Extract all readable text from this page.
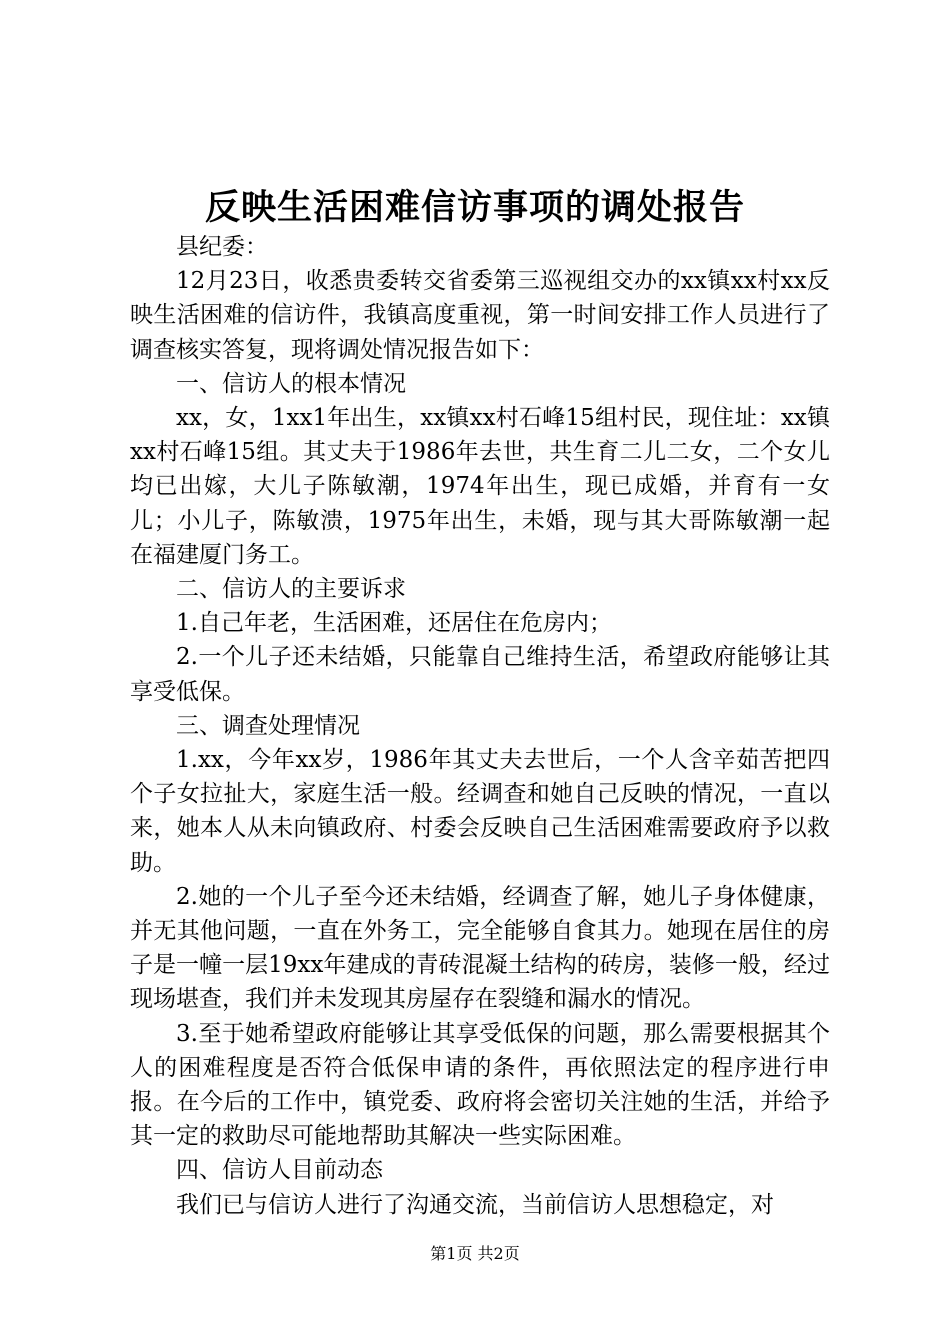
反映生活困难信访事项的调处报告

县纪委：

12月23日，收悉贵委转交省委第三巡视组交办的xx镇xx村xx反映生活困难的信访件，我镇高度重视，第一时间安排工作人员进行了调查核实答复，现将调处情况报告如下：

一、信访人的根本情况

xx，女，1xx1年出生，xx镇xx村石峰15组村民，现住址：xx镇xx村石峰15组。其丈夫于1986年去世，共生育二儿二女，二个女儿均已出嫁，大儿子陈敏潮，1974年出生，现已成婚，并育有一女儿；小儿子，陈敏溃，1975年出生，未婚，现与其大哥陈敏潮一起在福建厦门务工。

二、信访人的主要诉求

1.自己年老，生活困难，还居住在危房内；

2.一个儿子还未结婚，只能靠自己维持生活，希望政府能够让其享受低保。

三、调查处理情况

1.xx，今年xx岁，1986年其丈夫去世后，一个人含辛茹苦把四个子女拉扯大，家庭生活一般。经调查和她自己反映的情况，一直以来，她本人从未向镇政府、村委会反映自己生活困难需要政府予以救助。

2.她的一个儿子至今还未结婚，经调查了解，她儿子身体健康，并无其他问题，一直在外务工，完全能够自食其力。她现在居住的房子是一幢一层19xx年建成的青砖混凝土结构的砖房，装修一般，经过现场堪查，我们并未发现其房屋存在裂缝和漏水的情况。

3.至于她希望政府能够让其享受低保的问题，那么需要根据其个人的困难程度是否符合低保申请的条件，再依照法定的程序进行申报。在今后的工作中，镇党委、政府将会密切关注她的生活，并给予其一定的救助尽可能地帮助其解决一些实际困难。

四、信访人目前动态

我们已与信访人进行了沟通交流，当前信访人思想稳定，对

第1页 共2页
